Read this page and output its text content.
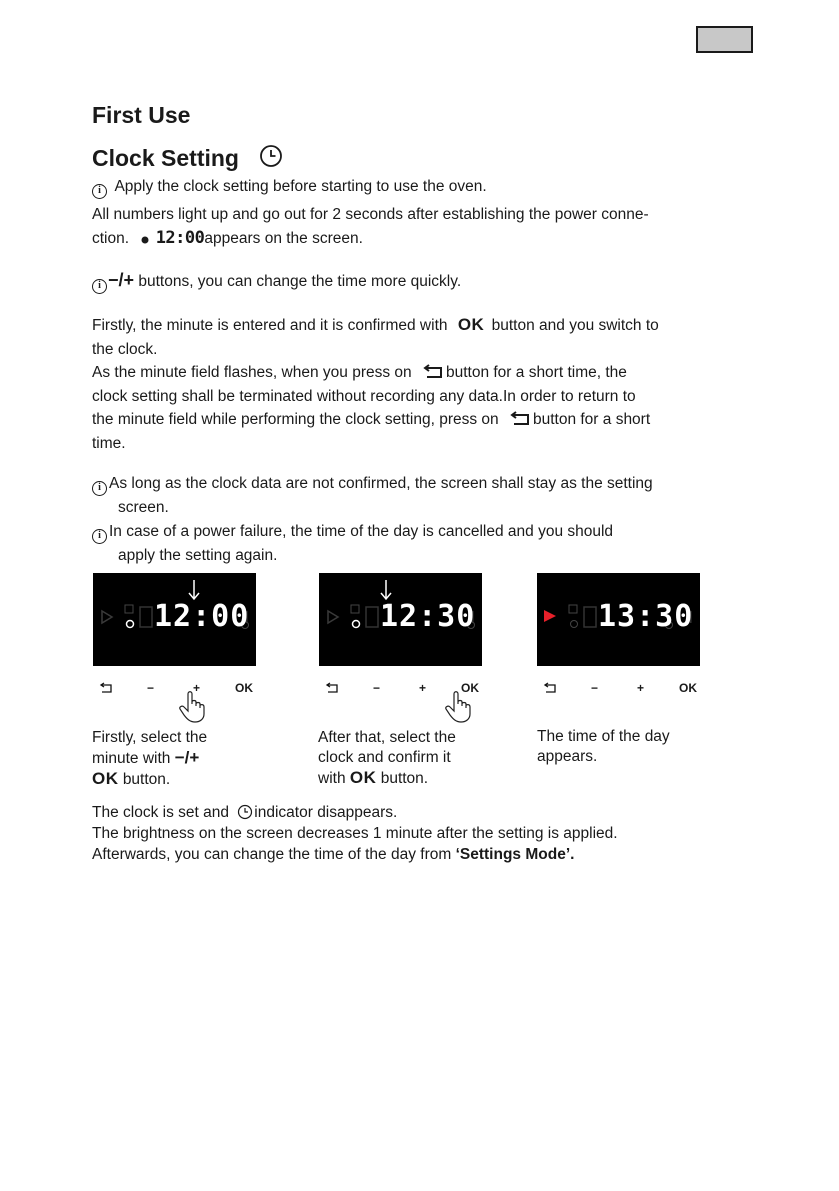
First Use
Clock Setting
i Apply the clock setting before starting to use the oven.
All numbers light up and go out for 2 seconds after establishing the power conne-
ction. 12:00appears on the screen.
i −/+ buttons, you can change the time more quickly.
Firstly, the minute is entered and it is confirmed with OK button and you switch to
the clock.
As the minute field flashes, when you press on button for a short time, the
clock setting shall be terminated without recording any data.In order to return to
the minute field while performing the clock setting, press on button for a short
time.
i As long as the clock data are not confirmed, the screen shall stay as the setting
screen.
i In case of a power failure, the time of the day is cancelled and you should
apply the setting again.
12:00
−	+	OK
Firstly, select the
minute with −/+
OK button.
12:30
−	+	OK
After that, select the
clock and confirm it
with OK button.
13:30
−	+	OK
The time of the day
appears.
The clock is set and indicator disappears.
The brightness on the screen decreases 1 minute after the setting is applied.
Afterwards, you can change the time of the day from ‘Settings Mode’.
